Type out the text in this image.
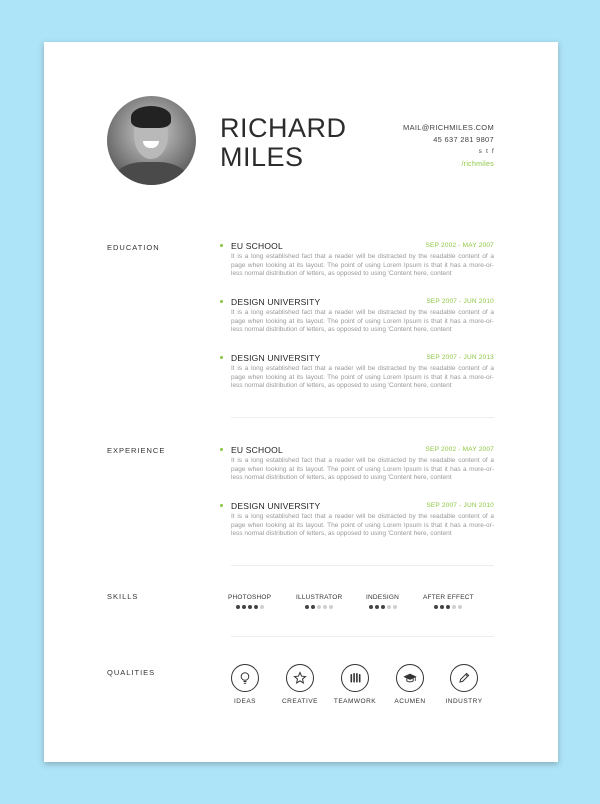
RICHARD
MILES
MAIL@RICHMILES.COM
45 637 281 9807
s t f
/richmiles
EDUCATION	EU SCHOOL	SEP 2002 - MAY 2007

It is a long established fact that a reader will be distracted by the readable content of a page when looking at its layout. The point of using Lorem Ipsum is that it has a more-or-less normal distribution of letters, as opposed to using 'Content here, content

DESIGN UNIVERSITY	SEP 2007 - JUN 2010

It is a long established fact that a reader will be distracted by the readable content of a page when looking at its layout. The point of using Lorem Ipsum is that it has a more-or-less normal distribution of letters, as opposed to using 'Content here, content

DESIGN UNIVERSITY	SEP 2007 - JUN 2013

It is a long established fact that a reader will be distracted by the readable content of a page when looking at its layout. The point of using Lorem Ipsum is that it has a more-or-less normal distribution of letters, as opposed to using 'Content here, content

EXPERIENCE	EU SCHOOL	SEP 2002 - MAY 2007

It is a long established fact that a reader will be distracted by the readable content of a page when looking at its layout. The point of using Lorem Ipsum is that it has a more-or-less normal distribution of letters, as opposed to using 'Content here, content

DESIGN UNIVERSITY	SEP 2007 - JUN 2010

It is a long established fact that a reader will be distracted by the readable content of a page when looking at its layout. The point of using Lorem Ipsum is that it has a more-or-less normal distribution of letters, as opposed to using 'Content here, content

SKILLS	PHOTOSHOP	ILLUSTRATOR	INDESIGN	AFTER EFFECT
QUALITIES
IDEAS	CREATIVE	TEAMWORK	ACUMEN	INDUSTRY
